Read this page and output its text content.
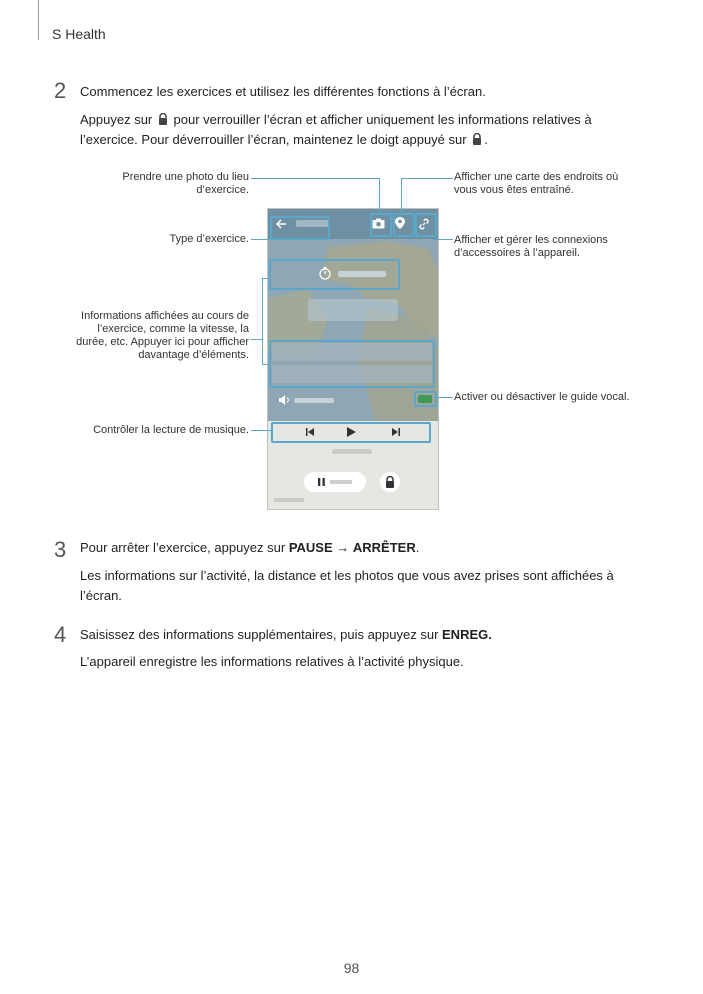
S Health
2 Commencez les exercices et utilisez les différentes fonctions à l’écran.
Appuyez sur pour verrouiller l’écran et afficher uniquement les informations relatives à
l’exercice. Pour déverrouiller l’écran, maintenez le doigt appuyé sur .
Prendre une photo du lieu
d’exercice.
Type d’exercice.
Informations affichées au cours de
l’exercice, comme la vitesse, la
durée, etc. Appuyer ici pour afficher
davantage d’éléments.
Contrôler la lecture de musique.
Afficher une carte des endroits où
vous vous êtes entraîné.
Afficher et gérer les connexions
d’accessoires à l’appareil.
Activer ou désactiver le guide vocal.
3 Pour arrêter l’exercice, appuyez sur PAUSE → ARRÊTER.
Les informations sur l’activité, la distance et les photos que vous avez prises sont affichées à
l’écran.
4 Saisissez des informations supplémentaires, puis appuyez sur ENREG.
L’appareil enregistre les informations relatives à l’activité physique.
98
